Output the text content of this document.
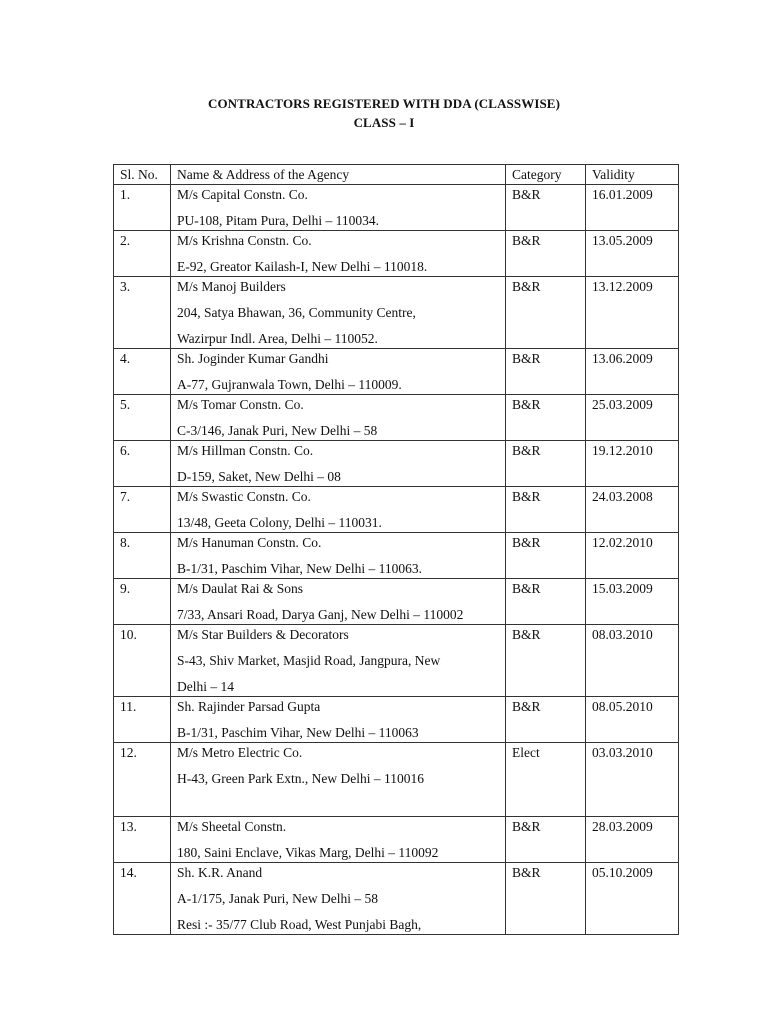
CONTRACTORS REGISTERED WITH DDA (CLASSWISE)
CLASS – I
Sl. No.	Name & Address of the Agency	Category	Validity
1.	M/s Capital Constn. Co.
PU-108, Pitam Pura, Delhi – 110034.	B&R	16.01.2009
2.	M/s Krishna Constn. Co.
E-92, Greator Kailash-I, New Delhi – 110018.	B&R	13.05.2009
3.	M/s Manoj Builders
204, Satya Bhawan, 36, Community Centre,
Wazirpur Indl. Area, Delhi – 110052.	B&R	13.12.2009
4.	Sh. Joginder Kumar Gandhi
A-77, Gujranwala Town, Delhi – 110009.	B&R	13.06.2009
5.	M/s Tomar Constn. Co.
C-3/146, Janak Puri, New Delhi – 58	B&R	25.03.2009
6.	M/s Hillman Constn. Co.
D-159, Saket, New Delhi – 08	B&R	19.12.2010
7.	M/s Swastic Constn. Co.
13/48, Geeta Colony, Delhi – 110031.	B&R	24.03.2008
8.	M/s Hanuman Constn. Co.
B-1/31, Paschim Vihar, New Delhi – 110063.	B&R	12.02.2010
9.	M/s Daulat Rai & Sons
7/33, Ansari Road, Darya Ganj, New Delhi – 110002	B&R	15.03.2009
10.	M/s Star Builders & Decorators
S-43, Shiv Market, Masjid Road, Jangpura, New
Delhi – 14	B&R	08.03.2010
11.	Sh. Rajinder Parsad Gupta
B-1/31, Paschim Vihar, New Delhi – 110063	B&R	08.05.2010
12.	M/s Metro Electric Co.
H-43, Green Park Extn., New Delhi – 110016	Elect	03.03.2010
13.	M/s Sheetal Constn.
180, Saini Enclave, Vikas Marg, Delhi – 110092	B&R	28.03.2009
14.	Sh. K.R. Anand
A-1/175, Janak Puri, New Delhi – 58
Resi :- 35/77 Club Road, West Punjabi Bagh,	B&R	05.10.2009
